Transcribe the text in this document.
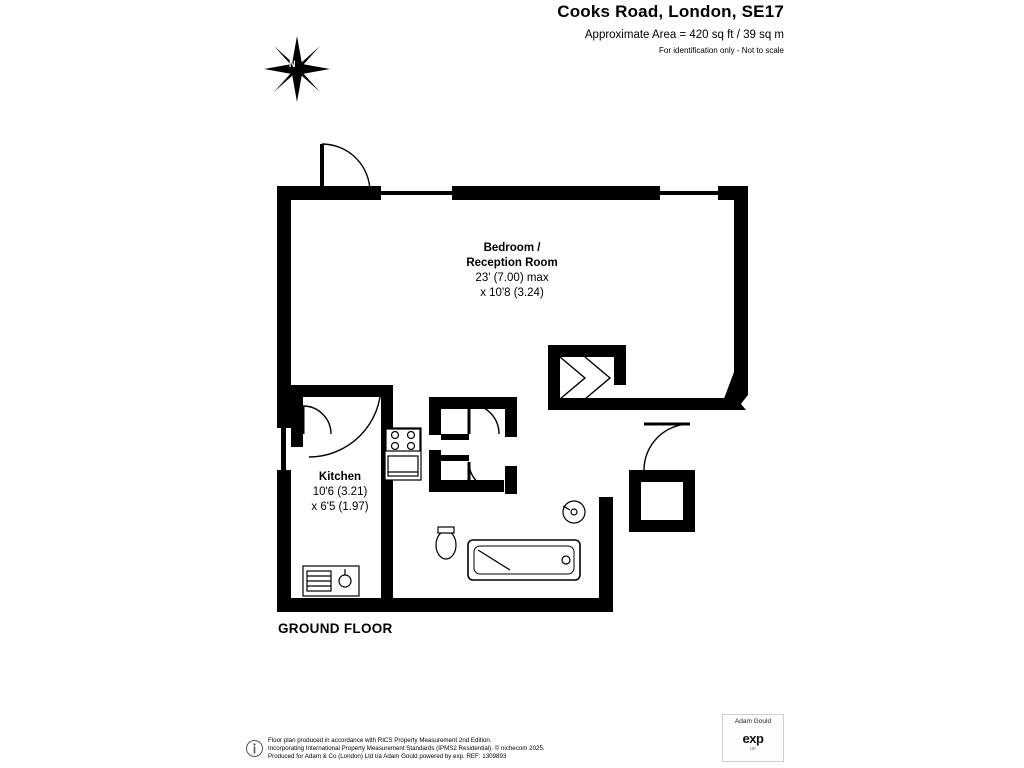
Cooks Road, London, SE17
Approximate Area = 420 sq ft / 39 sq m
For identification only - Not to scale
N
Bedroom /
Reception Room
23' (7.00) max
x 10'8 (3.24)
Kitchen
10'6 (3.21)
x 6'5 (1.97)
GROUND FLOOR
Floor plan produced in accordance with RICS Property Measurement 2nd Edition.
Incorporating International Property Measurement Standards (IPMS2 Residential). © nichecom 2025.
Produced for Adam & Co (London) Ltd t/a Adam Gould powered by exp. REF: 1309893
Adam Gould
exp
UK
